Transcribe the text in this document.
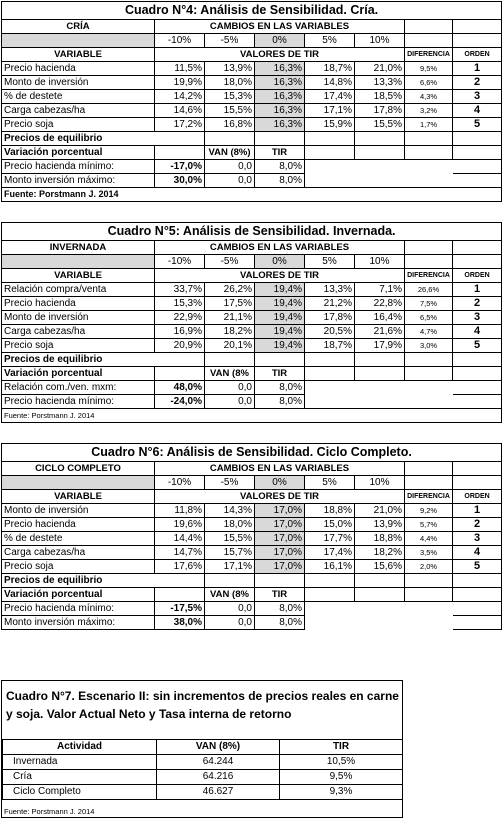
Cuadro N°4: Análisis de Sensibilidad. Cría.							
CRÍA	CAMBIOS EN LAS VARIABLES						
	-10%	-5%	0%	5%	10%		
VARIABLE	VALORES DE TIR					DIFERENCIA	ORDEN
Precio hacienda	11,5%	13,9%	16,3%	18,7%	21,0%	9,5%	1
Monto de inversión	19,9%	18,0%	16,3%	14,8%	13,3%	6,6%	2
% de destete	14,2%	15,3%	16,3%	17,4%	18,5%	4,3%	3
Carga cabezas/ha	14,6%	15,5%	16,3%	17,1%	17,8%	3,2%	4
Precio soja	17,2%	16,8%	16,3%	15,9%	15,5%	1,7%	5
Precios de equilibrio							
Variación porcentual		VAN (8%)	TIR				
Precio hacienda mínimo:	-17,0%	0,0	8,0%				
Monto inversión máximo:	30,0%	0,0	8,0%				
Fuente: Porstmann J. 2014							
Cuadro N°5: Análisis de Sensibilidad. Invernada.							
INVERNADA	CAMBIOS EN LAS VARIABLES						
	-10%	-5%	0%	5%	10%		
VARIABLE	VALORES DE TIR					DIFERENCIA	ORDEN
Relación compra/venta	33,7%	26,2%	19,4%	13,3%	7,1%	26,6%	1
Precio hacienda	15,3%	17,5%	19,4%	21,2%	22,8%	7,5%	2
Monto de inversión	22,9%	21,1%	19,4%	17,8%	16,4%	6,5%	3
Carga cabezas/ha	16,9%	18,2%	19,4%	20,5%	21,6%	4,7%	4
Precio soja	20,9%	20,1%	19,4%	18,7%	17,9%	3,0%	5
Precios de equilibrio							
Variación porcentual		VAN (8%	TIR				
Relación com./ven. mxm:	48,0%	0,0	8,0%				
Precio hacienda mínimo:	-24,0%	0,0	8,0%				
Fuente: Porstmann J. 2014							
Cuadro N°6: Análisis de Sensibilidad. Ciclo Completo.							
CICLO COMPLETO	CAMBIOS EN LAS VARIABLES						
	-10%	-5%	0%	5%	10%		
VARIABLE	VALORES DE TIR					DIFERENCIA	ORDEN
Monto de inversión	11,8%	14,3%	17,0%	18,8%	21,0%	9,2%	1
Precio hacienda	19,6%	18,0%	17,0%	15,0%	13,9%	5,7%	2
% de destete	14,4%	15,5%	17,0%	17,7%	18,8%	4,4%	3
Carga cabezas/ha	14,7%	15,7%	17,0%	17,4%	18,2%	3,5%	4
Precio soja	17,6%	17,1%	17,0%	16,1%	15,6%	2,0%	5
Precios de equilibrio							
Variación porcentual		VAN (8%	TIR				
Precio hacienda mínimo:	-17,5%	0,0	8,0%				
Monto inversión máximo:	38,0%	0,0	8,0%				
Cuadro N°7. Escenario II: sin incrementos de precios reales en carne y soja. Valor Actual Neto y Tasa interna de retorno
Actividad	VAN (8%)	TIR
Invernada	64.244	10,5%
Cría	64.216	9,5%
Ciclo Completo	46.627	9,3%
Fuente: Porstmann J. 2014
